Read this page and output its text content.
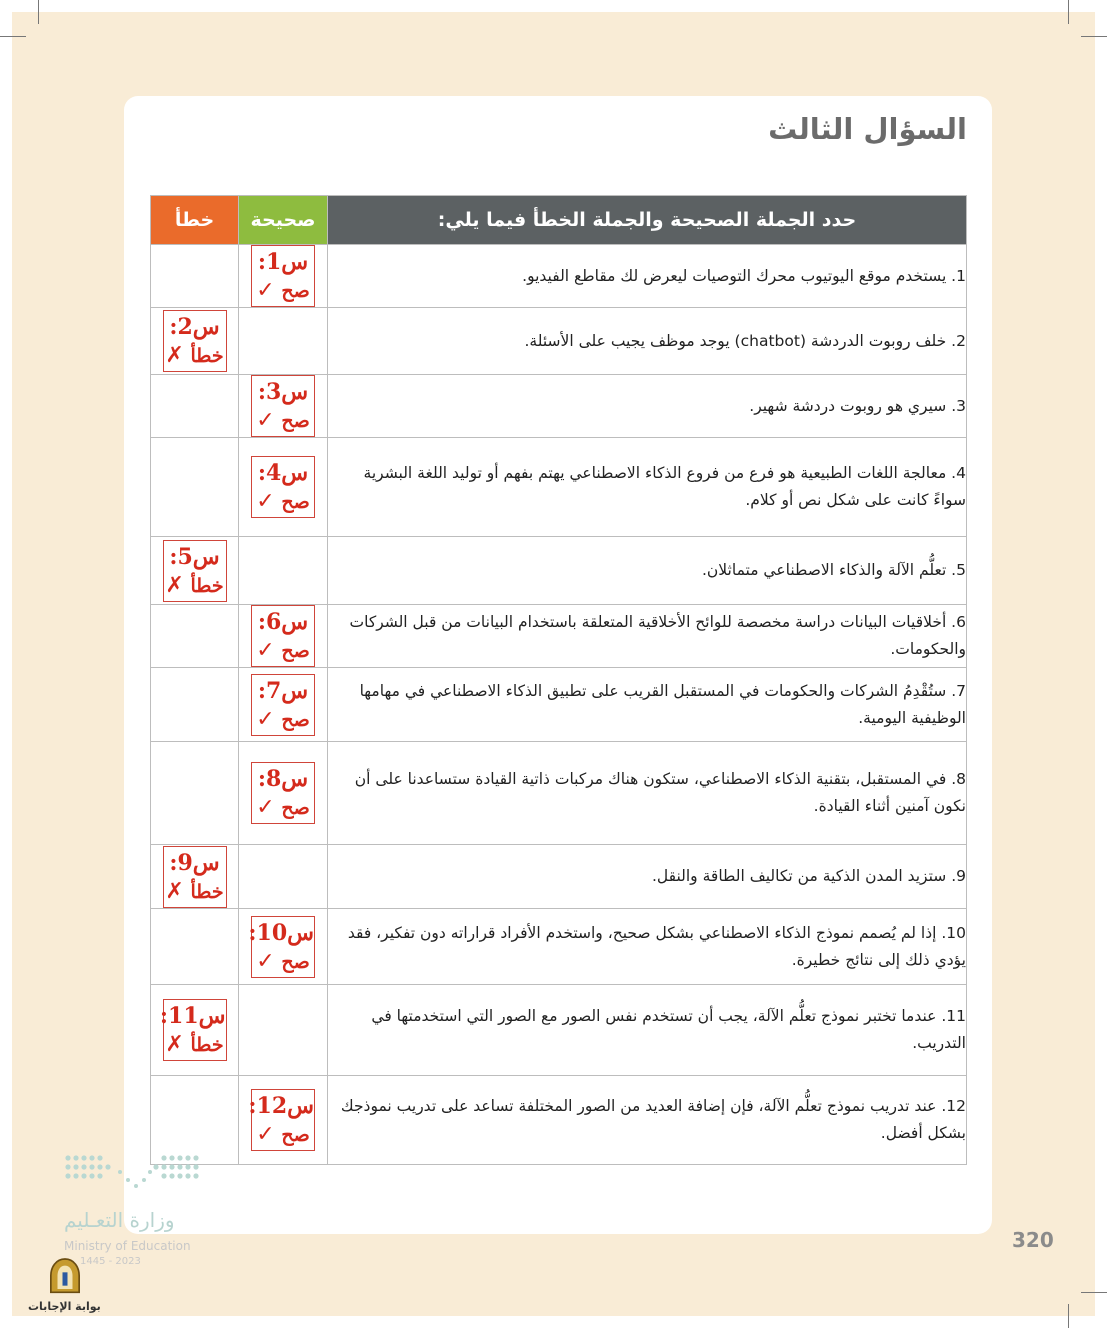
السؤال الثالث
حدد الجملة الصحيحة والجملة الخطأ فيما يلي:	صحيحة	خطأ
1. يستخدم موقع اليوتيوب محرك التوصيات ليعرض لك مقاطع الفيديو.	س1:
صح ✓	

2. خلف روبوت الدردشة (chatbot) يوجد موظف يجيب على الأسئلة.		س2:
خطأ ✗

3. سيري هو روبوت دردشة شهير.	س3:
صح ✓	

4. معالجة اللغات الطبيعية هو فرع من فروع الذكاء الاصطناعي يهتم بفهم أو توليد اللغة البشرية سواءً كانت على شكل نص أو كلام.	س4:
صح ✓	

5. تعلُّم الآلة والذكاء الاصطناعي متماثلان.		س5:
خطأ ✗

6. أخلاقيات البيانات دراسة مخصصة للوائح الأخلاقية المتعلقة باستخدام البيانات من قبل الشركات والحكومات.	س6:
صح ✓	

7. ستُقْدِمُ الشركات والحكومات في المستقبل القريب على تطبيق الذكاء الاصطناعي في مهامها الوظيفية اليومية.	س7:
صح ✓	

8. في المستقبل، بتقنية الذكاء الاصطناعي، ستكون هناك مركبات ذاتية القيادة ستساعدنا على أن نكون آمنين أثناء القيادة.	س8:
صح ✓	

9. ستزيد المدن الذكية من تكاليف الطاقة والنقل.		س9:
خطأ ✗

10. إذا لم يُصمم نموذج الذكاء الاصطناعي بشكل صحيح، واستخدم الأفراد قراراته دون تفكير، فقد يؤدي ذلك إلى نتائج خطيرة.	س10:
صح ✓	

11. عندما تختبر نموذج تعلُّم الآلة، يجب أن تستخدم نفس الصور مع الصور التي استخدمتها في التدريب.		س11:
خطأ ✗

12. عند تدريب نموذج تعلُّم الآلة، فإن إضافة العديد من الصور المختلفة تساعد على تدريب نموذجك بشكل أفضل.	س12:
صح ✓	

320
وزارة التعـليم
Ministry of Education
1445 - 2023
بوابة الإجابات
